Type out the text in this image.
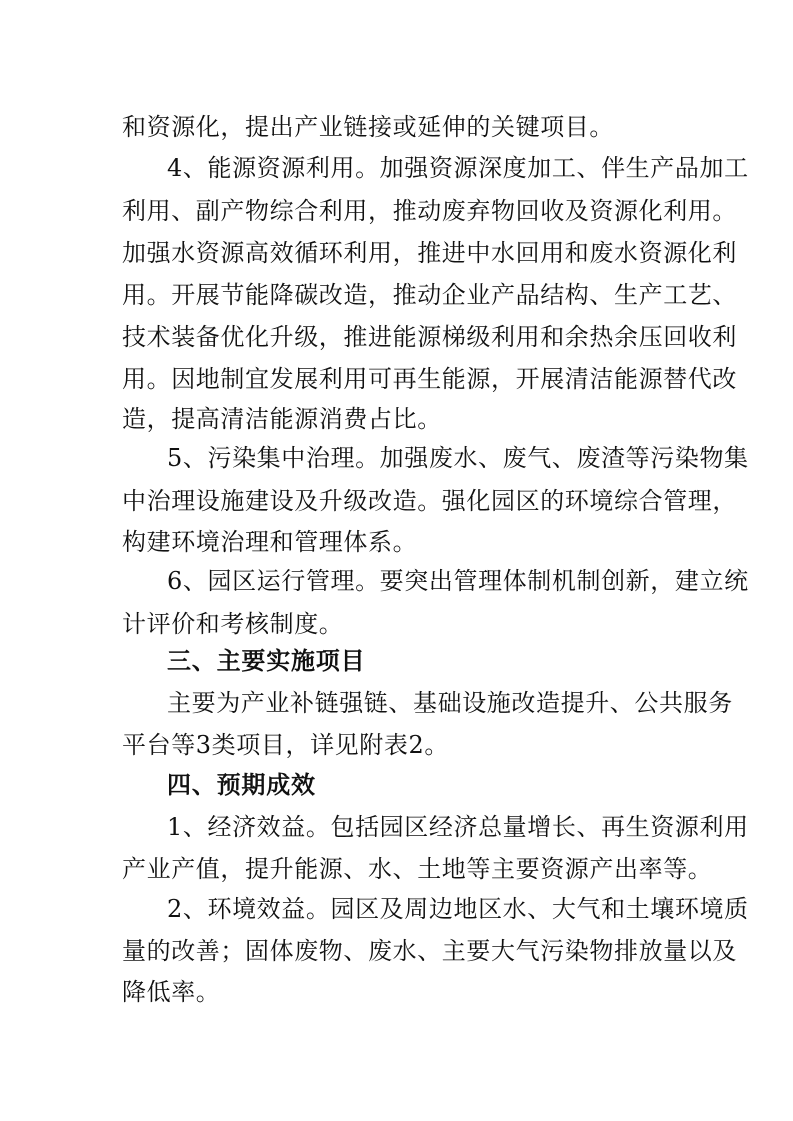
和资源化，提出产业链接或延伸的关键项目。
4、能源资源利用。加强资源深度加工、伴生产品加工
利用、副产物综合利用，推动废弃物回收及资源化利用。
加强水资源高效循环利用，推进中水回用和废水资源化利
用。开展节能降碳改造，推动企业产品结构、生产工艺、
技术装备优化升级，推进能源梯级利用和余热余压回收利
用。因地制宜发展利用可再生能源，开展清洁能源替代改
造，提高清洁能源消费占比。
5、污染集中治理。加强废水、废气、废渣等污染物集
中治理设施建设及升级改造。强化园区的环境综合管理，
构建环境治理和管理体系。
6、园区运行管理。要突出管理体制机制创新，建立统
计评价和考核制度。
三、主要实施项目
主要为产业补链强链、基础设施改造提升、公共服务
平台等3类项目，详见附表2。
四、预期成效
1、经济效益。包括园区经济总量增长、再生资源利用
产业产值，提升能源、水、土地等主要资源产出率等。
2、环境效益。园区及周边地区水、大气和土壤环境质
量的改善；固体废物、废水、主要大气污染物排放量以及
降低率。
